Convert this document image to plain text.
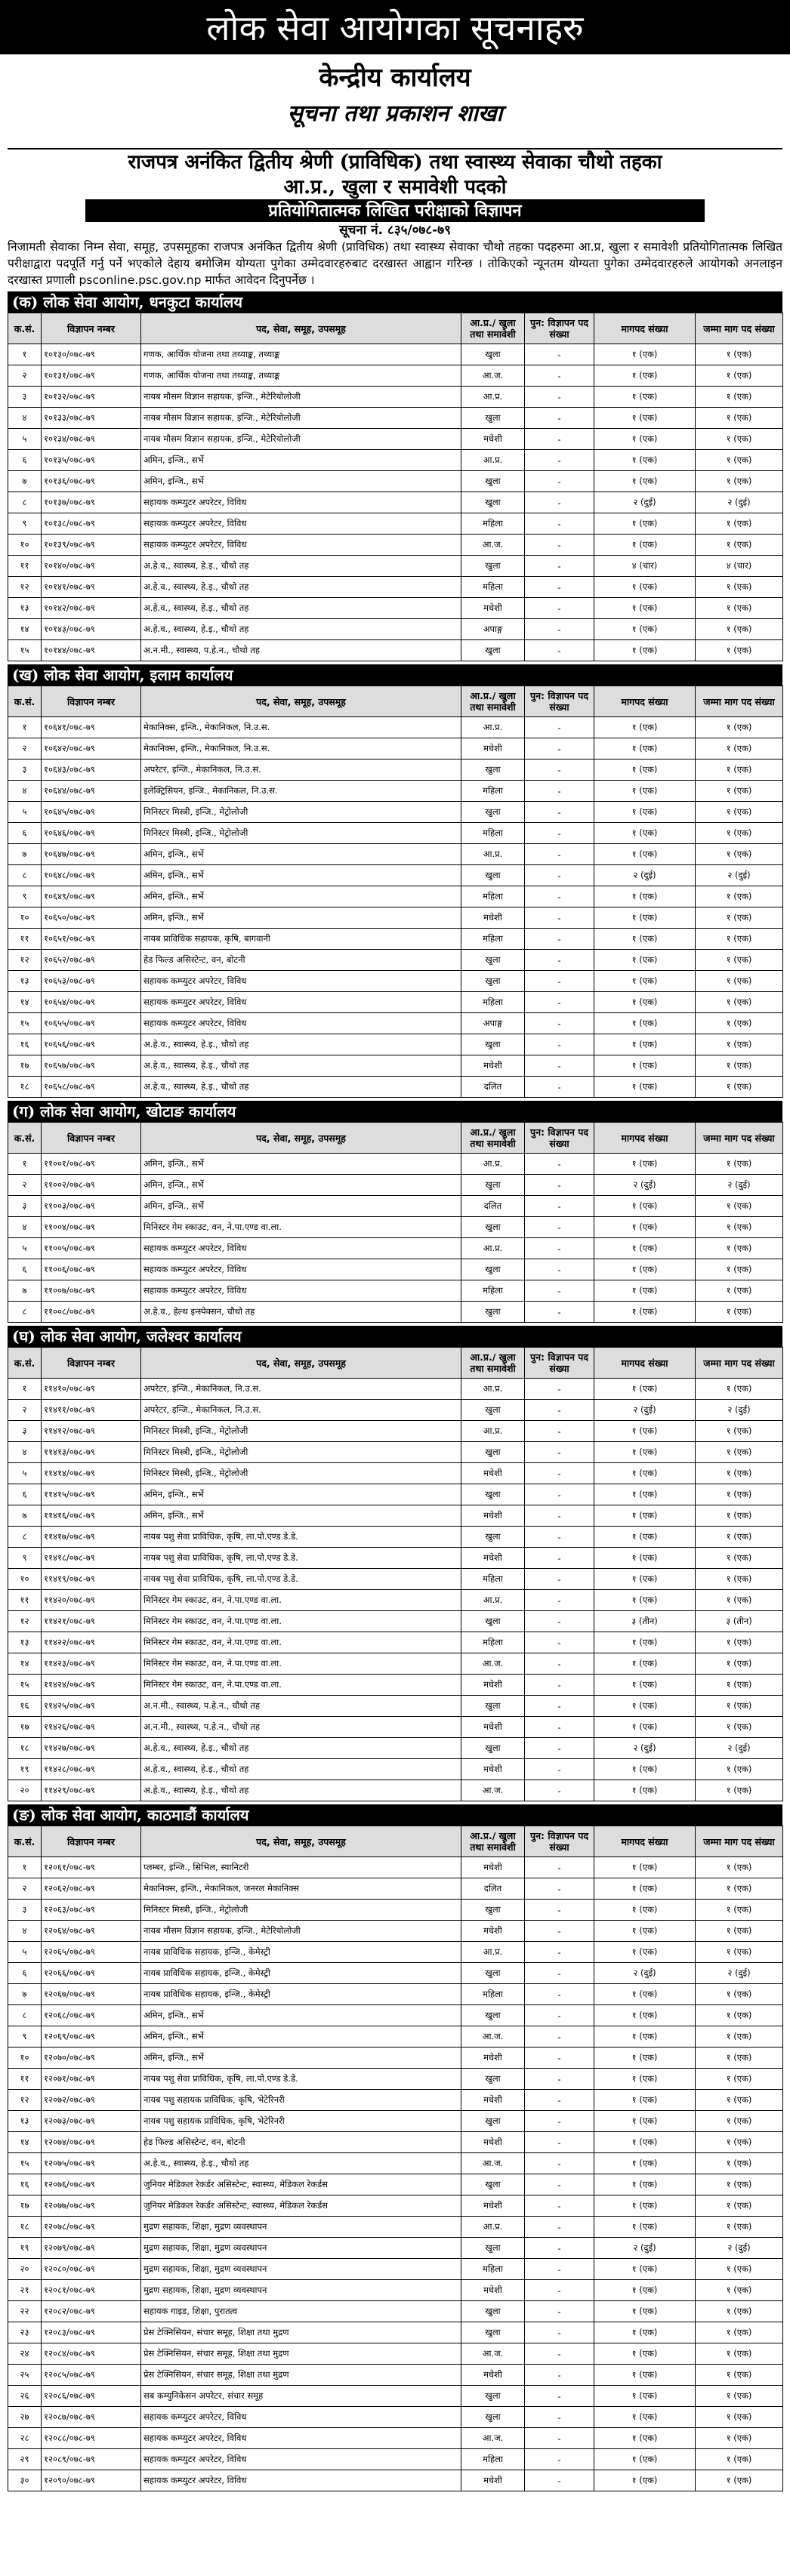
लोक सेवा आयोगका सूचनाहरु
केन्द्रीय कार्यालय
सूचना तथा प्रकाशन शाखा
राजपत्र अनंकित द्वितीय श्रेणी (प्राविधिक) तथा स्वास्थ्य सेवाका चौथो तहका
आ.प्र., खुला र समावेशी पदको
प्रतियोगितात्मक लिखित परीक्षाको विज्ञापन
सूचना नं. ८३५/०७८-७९
निजामती सेवाका निम्न सेवा, समूह, उपसमूहका राजपत्र अनंकित द्वितीय श्रेणी (प्राविधिक) तथा स्वास्थ्य सेवाका चौथो तहका पदहरुमा आ.प्र, खुला र समावेशी प्रतियोगितात्मक लिखित परीक्षाद्वारा पदपूर्ति गर्नु पर्ने भएकोले देहाय बमोजिम योग्यता पुगेका उम्मेदवारहरुबाट दरखास्त आह्वान गरिन्छ । तोकिएको न्यूनतम योग्यता पुगेका उम्मेदवारहरुले आयोगको अनलाइन दरखास्त प्रणाली psconline.psc.gov.np मार्फत आवेदन दिनुपर्नेछ ।
(क) लोक सेवा आयोग, धनकुटा कार्यालय
क.सं.	विज्ञापन नम्बर	पद, सेवा, समूह, उपसमूह	आ.प्र./ खुला तथा समावेशी	पुन: विज्ञापन पद संख्या	मागपद संख्या	जम्मा माग पद संख्या
१	१०१३०/०७८-७९	गणक, आर्थिक योजना तथा तथ्याङ्क, तथ्याङ्क	खुला	-	१ (एक)	१ (एक)
२	१०१३१/०७८-७९	गणक, आर्थिक योजना तथा तथ्याङ्क, तथ्याङ्क	आ.ज.	-	१ (एक)	१ (एक)
३	१०१३२/०७८-७९	नायब मौसम विज्ञान सहायक, इन्जि., मेटेरियोलोजी	आ.प्र.	-	१ (एक)	१ (एक)
४	१०१३३/०७८-७९	नायब मौसम विज्ञान सहायक, इन्जि., मेटेरियोलोजी	खुला	-	१ (एक)	१ (एक)
५	१०१३४/०७८-७९	नायब मौसम विज्ञान सहायक, इन्जि., मेटेरियोलोजी	मधेशी	-	१ (एक)	१ (एक)
६	१०१३५/०७८-७९	अमिन, इन्जि., सर्भे	आ.प्र.	-	१ (एक)	१ (एक)
७	१०१३६/०७८-७९	अमिन, इन्जि., सर्भे	खुला	-	१ (एक)	१ (एक)
८	१०१३७/०७८-७९	सहायक कम्प्युटर अपरेटर, विविध	खुला	-	२ (दुई)	२ (दुई)
९	१०१३८/०७८-७९	सहायक कम्प्युटर अपरेटर, विविध	महिला	-	१ (एक)	१ (एक)
१०	१०१३९/०७८-७९	सहायक कम्प्युटर अपरेटर, विविध	आ.ज.	-	१ (एक)	१ (एक)
११	१०१४०/०७८-७९	अ.हे.व., स्वास्थ्य, हे.इ., चौथो तह	खुला	-	४ (चार)	४ (चार)
१२	१०१४१/०७८-७९	अ.हे.व., स्वास्थ्य, हे.इ., चौथो तह	महिला	-	१ (एक)	१ (एक)
१३	१०१४२/०७८-७९	अ.हे.व., स्वास्थ्य, हे.इ., चौथो तह	मधेशी	-	१ (एक)	१ (एक)
१४	१०१४३/०७८-७९	अ.हे.व., स्वास्थ्य, हे.इ., चौथो तह	अपाङ्ग	-	१ (एक)	१ (एक)
१५	१०१४४/०७८-७९	अ.न.मी., स्वास्थ्य, प.हे.न., चौथो तह	खुला	-	१ (एक)	१ (एक)
(ख) लोक सेवा आयोग, इलाम कार्यालय
क.सं.	विज्ञापन नम्बर	पद, सेवा, समूह, उपसमूह	आ.प्र./ खुला तथा समावेशी	पुन: विज्ञापन पद संख्या	मागपद संख्या	जम्मा माग पद संख्या
१	१०६४१/०७८-७९	मेकानिक्स, इन्जि., मेकानिकल, नि.उ.स.	आ.प्र.	-	१ (एक)	१ (एक)
२	१०६४२/०७८-७९	मेकानिक्स, इन्जि., मेकानिकल, नि.उ.स.	मधेशी	-	१ (एक)	१ (एक)
३	१०६४३/०७८-७९	अपरेटर, इन्जि., मेकानिकल, नि.उ.स.	खुला	-	१ (एक)	१ (एक)
४	१०६४४/०७८-७९	इलेक्ट्रिसियन, इन्जि., मेकानिकल, नि.उ.स.	महिला	-	१ (एक)	१ (एक)
५	१०६४५/०७८-७९	मिनिस्टर मिस्त्री, इन्जि., मेट्रोलोजी	खुला	-	१ (एक)	१ (एक)
६	१०६४६/०७८-७९	मिनिस्टर मिस्त्री, इन्जि., मेट्रोलोजी	महिला	-	१ (एक)	१ (एक)
७	१०६४७/०७८-७९	अमिन, इन्जि., सर्भे	आ.प्र.	-	१ (एक)	१ (एक)
८	१०६४८/०७८-७९	अमिन, इन्जि., सर्भे	खुला	-	२ (दुई)	२ (दुई)
९	१०६४९/०७८-७९	अमिन, इन्जि., सर्भे	महिला	-	१ (एक)	१ (एक)
१०	१०६५०/०७८-७९	अमिन, इन्जि., सर्भे	मधेशी	-	१ (एक)	१ (एक)
११	१०६५१/०७८-७९	नायब प्राविधिक सहायक, कृषि, बागवानी	महिला	-	१ (एक)	१ (एक)
१२	१०६५२/०७८-७९	हेड फिल्ड असिस्टेन्ट, वन, बोटनी	खुला	-	१ (एक)	१ (एक)
१३	१०६५३/०७८-७९	सहायक कम्प्युटर अपरेटर, विविध	खुला	-	१ (एक)	१ (एक)
१४	१०६५४/०७८-७९	सहायक कम्प्युटर अपरेटर, विविध	महिला	-	१ (एक)	१ (एक)
१५	१०६५५/०७८-७९	सहायक कम्प्युटर अपरेटर, विविध	अपाङ्ग	-	१ (एक)	१ (एक)
१६	१०६५६/०७८-७९	अ.हे.व., स्वास्थ्य, हे.इ., चौथो तह	खुला	-	१ (एक)	१ (एक)
१७	१०६५७/०७८-७९	अ.हे.व., स्वास्थ्य, हे.इ., चौथो तह	मधेशी	-	१ (एक)	१ (एक)
१८	१०६५८/०७८-७९	अ.हे.व., स्वास्थ्य, हे.इ., चौथो तह	दलित	-	१ (एक)	१ (एक)
(ग) लोक सेवा आयोग, खोटाङ कार्यालय
क.सं.	विज्ञापन नम्बर	पद, सेवा, समूह, उपसमूह	आ.प्र./ खुला तथा समावेशी	पुन: विज्ञापन पद संख्या	मागपद संख्या	जम्मा माग पद संख्या
१	११००१/०७८-७९	अमिन, इन्जि., सर्भे	आ.प्र.	-	१ (एक)	१ (एक)
२	११००२/०७८-७९	अमिन, इन्जि., सर्भे	खुला	-	२ (दुई)	२ (दुई)
३	११००३/०७८-७९	अमिन, इन्जि., सर्भे	दलित	-	१ (एक)	१ (एक)
४	११००४/०७८-७९	मिनिस्टर गेम स्काउट, वन, ने.पा.एण्ड वा.ला.	खुला	-	१ (एक)	१ (एक)
५	११००५/०७८-७९	सहायक कम्प्युटर अपरेटर, विविध	आ.प्र.	-	१ (एक)	१ (एक)
६	११००६/०७८-७९	सहायक कम्प्युटर अपरेटर, विविध	खुला	-	१ (एक)	१ (एक)
७	११००७/०७८-७९	सहायक कम्प्युटर अपरेटर, विविध	महिला	-	१ (एक)	१ (एक)
८	११००८/०७८-७९	अ.हे.व., हेल्थ इन्स्पेक्सन, चौथो तह	खुला	-	१ (एक)	१ (एक)
(घ) लोक सेवा आयोग, जलेश्वर कार्यालय
क.सं.	विज्ञापन नम्बर	पद, सेवा, समूह, उपसमूह	आ.प्र./ खुला तथा समावेशी	पुन: विज्ञापन पद संख्या	मागपद संख्या	जम्मा माग पद संख्या
१	११४१०/०७८-७९	अपरेटर, इन्जि., मेकानिकल, नि.उ.स.	आ.प्र.	-	१ (एक)	१ (एक)
२	११४११/०७८-७९	अपरेटर, इन्जि., मेकानिकल, नि.उ.स.	खुला	-	२ (दुई)	२ (दुई)
३	११४१२/०७८-७९	मिनिस्टर मिस्त्री, इन्जि., मेट्रोलोजी	आ.प्र.	-	१ (एक)	१ (एक)
४	११४१३/०७८-७९	मिनिस्टर मिस्त्री, इन्जि., मेट्रोलोजी	खुला	-	१ (एक)	१ (एक)
५	११४१४/०७८-७९	मिनिस्टर मिस्त्री, इन्जि., मेट्रोलोजी	मधेशी	-	१ (एक)	१ (एक)
६	११४१५/०७८-७९	अमिन, इन्जि., सर्भे	खुला	-	१ (एक)	१ (एक)
७	११४१६/०७८-७९	अमिन, इन्जि., सर्भे	मधेशी	-	१ (एक)	१ (एक)
८	११४१७/०७८-७९	नायब पशु सेवा प्राविधिक, कृषि, ला.पो.एण्ड डे.डे.	खुला	-	१ (एक)	१ (एक)
९	११४१८/०७८-७९	नायब पशु सेवा प्राविधिक, कृषि, ला.पो.एण्ड डे.डे.	मधेशी	-	१ (एक)	१ (एक)
१०	११४१९/०७८-७९	नायब पशु सेवा प्राविधिक, कृषि, ला.पो.एण्ड डे.डे.	महिला	-	१ (एक)	१ (एक)
११	११४२०/०७८-७९	मिनिस्टर गेम स्काउट, वन, ने.पा.एण्ड वा.ला.	आ.प्र.	-	१ (एक)	१ (एक)
१२	११४२१/०७८-७९	मिनिस्टर गेम स्काउट, वन, ने.पा.एण्ड वा.ला.	खुला	-	३ (तीन)	३ (तीन)
१३	११४२२/०७८-७९	मिनिस्टर गेम स्काउट, वन, ने.पा.एण्ड वा.ला.	महिला	-	१ (एक)	१ (एक)
१४	११४२३/०७८-७९	मिनिस्टर गेम स्काउट, वन, ने.पा.एण्ड वा.ला.	आ.ज.	-	१ (एक)	१ (एक)
१५	११४२४/०७८-७९	मिनिस्टर गेम स्काउट, वन, ने.पा.एण्ड वा.ला.	मधेशी	-	१ (एक)	१ (एक)
१६	११४२५/०७८-७९	अ.न.मी., स्वास्थ्य, प.हे.न., चौथो तह	खुला	-	१ (एक)	१ (एक)
१७	११४२६/०७८-७९	अ.न.मी., स्वास्थ्य, प.हे.न., चौथो तह	मधेशी	-	१ (एक)	१ (एक)
१८	११४२७/०७८-७९	अ.हे.व., स्वास्थ्य, हे.इ., चौथो तह	खुला	-	२ (दुई)	२ (दुई)
१९	११४२८/०७८-७९	अ.हे.व., स्वास्थ्य, हे.इ., चौथो तह	मधेशी	-	१ (एक)	१ (एक)
२०	११४२९/०७८-७९	अ.हे.व., स्वास्थ्य, हे.इ., चौथो तह	आ.ज.	-	१ (एक)	१ (एक)
(ङ) लोक सेवा आयोग, काठमाडौं कार्यालय
क.सं.	विज्ञापन नम्बर	पद, सेवा, समूह, उपसमूह	आ.प्र./ खुला तथा समावेशी	पुन: विज्ञापन पद संख्या	मागपद संख्या	जम्मा माग पद संख्या
१	१२०६१/०७८-७९	प्लम्बर, इन्जि., सिभिल, स्यानिटरी	मधेशी	-	१ (एक)	१ (एक)
२	१२०६२/०७८-७९	मेकानिक्स, इन्जि., मेकानिकल, जनरल मेकानिक्स	दलित	-	१ (एक)	१ (एक)
३	१२०६३/०७८-७९	मिनिस्टर मिस्त्री, इन्जि., मेट्रोलोजी	खुला	-	१ (एक)	१ (एक)
४	१२०६४/०७८-७९	नायब मौसम विज्ञान सहायक, इन्जि., मेटेरियोलोजी	मधेशी	-	१ (एक)	१ (एक)
५	१२०६५/०७८-७९	नायब प्राविधिक सहायक, इन्जि., केमेस्ट्री	आ.प्र.	-	१ (एक)	१ (एक)
६	१२०६६/०७८-७९	नायब प्राविधिक सहायक, इन्जि., केमेस्ट्री	खुला	-	२ (दुई)	२ (दुई)
७	१२०६७/०७८-७९	नायब प्राविधिक सहायक, इन्जि., केमेस्ट्री	महिला	-	१ (एक)	१ (एक)
८	१२०६८/०७८-७९	अमिन, इन्जि., सर्भे	खुला	-	१ (एक)	१ (एक)
९	१२०६९/०७८-७९	अमिन, इन्जि., सर्भे	आ.ज.	-	१ (एक)	१ (एक)
१०	१२०७०/०७८-७९	अमिन, इन्जि., सर्भे	मधेशी	-	१ (एक)	१ (एक)
११	१२०७१/०७८-७९	नायब पशु सेवा प्राविधिक, कृषि, ला.पो.एण्ड डे.डे.	खुला	-	१ (एक)	१ (एक)
१२	१२०७२/०७८-७९	नायब पशु सहायक प्राविधिक, कृषि, भेटेरिनरी	मधेशी	-	१ (एक)	१ (एक)
१३	१२०७३/०७८-७९	नायब पशु सहायक प्राविधिक, कृषि, भेटेरिनरी	खुला	-	१ (एक)	१ (एक)
१४	१२०७४/०७८-७९	हेड फिल्ड असिस्टेन्ट, वन, बोटनी	मधेशी	-	१ (एक)	१ (एक)
१५	१२०७५/०७८-७९	अ.हे.व., स्वास्थ्य, हे.इ., चौथो तह	आ.ज.	-	१ (एक)	१ (एक)
१६	१२०७६/०७८-७९	जुनियर मेडिकल रेकर्डर असिस्टेन्ट, स्वास्थ्य, मेडिकल रेकर्डस	खुला	-	१ (एक)	१ (एक)
१७	१२०७७/०७८-७९	जुनियर मेडिकल रेकर्डर असिस्टेन्ट, स्वास्थ्य, मेडिकल रेकर्डस	मधेशी	-	१ (एक)	१ (एक)
१८	१२०७८/०७८-७९	मुद्रण सहायक, शिक्षा, मुद्रण व्यवस्थापन	आ.प्र.	-	१ (एक)	१ (एक)
१९	१२०७९/०७८-७९	मुद्रण सहायक, शिक्षा, मुद्रण व्यवस्थापन	खुला	-	२ (दुई)	२ (दुई)
२०	१२०८०/०७८-७९	मुद्रण सहायक, शिक्षा, मुद्रण व्यवस्थापन	महिला	-	१ (एक)	१ (एक)
२१	१२०८१/०७८-७९	मुद्रण सहायक, शिक्षा, मुद्रण व्यवस्थापन	मधेशी	-	१ (एक)	१ (एक)
२२	१२०८२/०७८-७९	सहायक गाइड, शिक्षा, पुरातत्व	खुला	-	१ (एक)	१ (एक)
२३	१२०८३/०७८-७९	प्रेस टेक्निसियन, संचार समूह, शिक्षा तथा मुद्रण	खुला	-	१ (एक)	१ (एक)
२४	१२०८४/०७८-७९	प्रेस टेक्निसियन, संचार समूह, शिक्षा तथा मुद्रण	आ.ज.	-	१ (एक)	१ (एक)
२५	१२०८५/०७८-७९	प्रेस टेक्निसियन, संचार समूह, शिक्षा तथा मुद्रण	मधेशी	-	१ (एक)	१ (एक)
२६	१२०८६/०७८-७९	सब कम्युनिकेसन अपरेटर, संचार समूह	खुला	-	१ (एक)	१ (एक)
२७	१२०८७/०७८-७९	सहायक कम्प्युटर अपरेटर, विविध	खुला	-	१ (एक)	१ (एक)
२८	१२०८८/०७८-७९	सहायक कम्प्युटर अपरेटर, विविध	आ.ज.	-	१ (एक)	१ (एक)
२९	१२०८९/०७८-७९	सहायक कम्प्युटर अपरेटर, विविध	महिला	-	१ (एक)	१ (एक)
३०	१२०९०/०७८-७९	सहायक कम्प्युटर अपरेटर, विविध	मधेशी	-	१ (एक)	१ (एक)
